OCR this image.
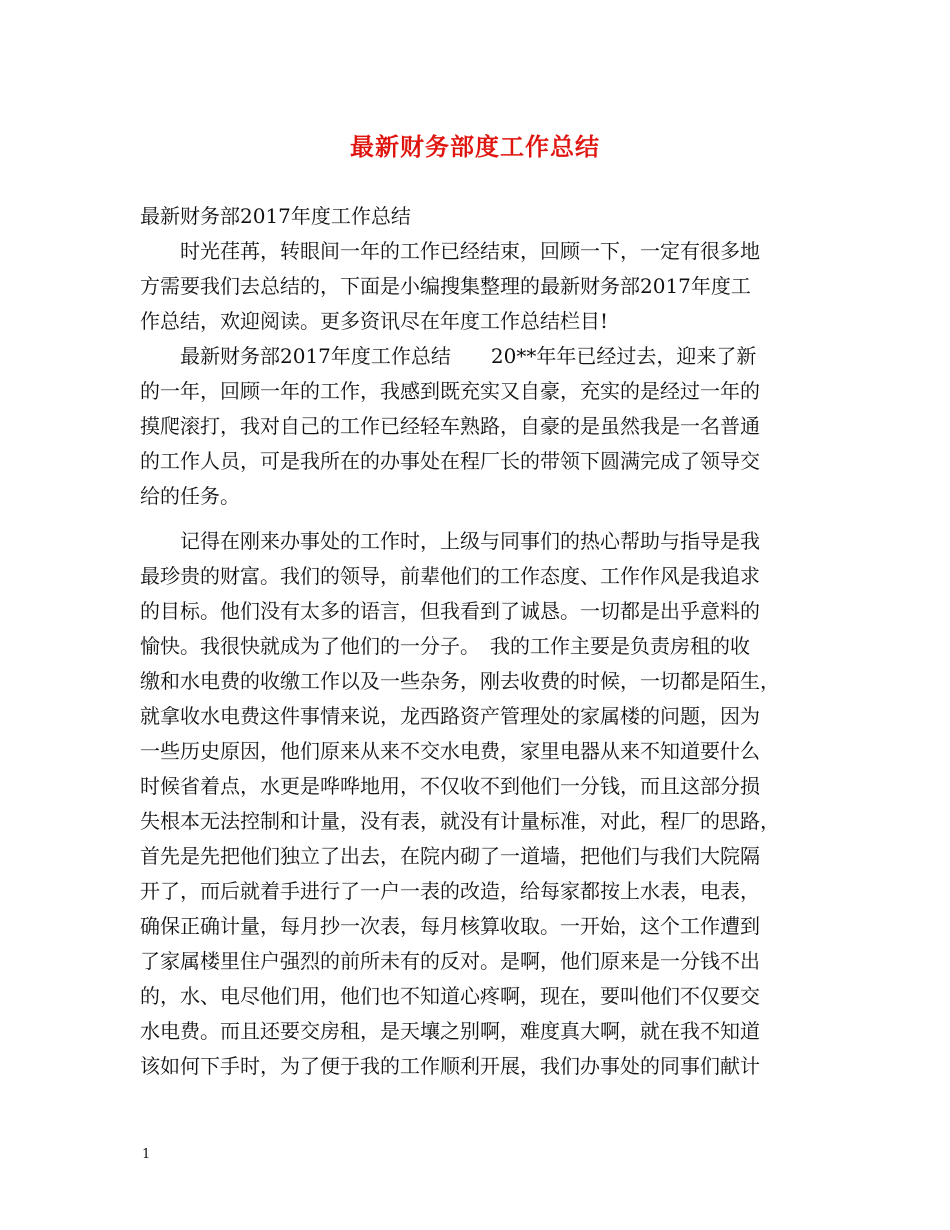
最新财务部度工作总结
最新财务部2017年度工作总结
　　时光荏苒，转眼间一年的工作已经结束，回顾一下，一定有很多地
方需要我们去总结的，下面是小编搜集整理的最新财务部2017年度工
作总结，欢迎阅读。更多资讯尽在年度工作总结栏目!
　　最新财务部2017年度工作总结　　20**年年已经过去，迎来了新
的一年，回顾一年的工作，我感到既充实又自豪，充实的是经过一年的
摸爬滚打，我对自己的工作已经轻车熟路，自豪的是虽然我是一名普通
的工作人员，可是我所在的办事处在程厂长的带领下圆满完成了领导交
给的任务。
　　记得在刚来办事处的工作时，上级与同事们的热心帮助与指导是我
最珍贵的财富。我们的领导，前辈他们的工作态度、工作作风是我追求
的目标。他们没有太多的语言，但我看到了诚恳。一切都是出乎意料的
愉快。我很快就成为了他们的一分子。　我的工作主要是负责房租的收
缴和水电费的收缴工作以及一些杂务，刚去收费的时候，一切都是陌生，
就拿收水电费这件事情来说，龙西路资产管理处的家属楼的问题，因为
一些历史原因，他们原来从来不交水电费，家里电器从来不知道要什么
时候省着点，水更是哗哗地用，不仅收不到他们一分钱，而且这部分损
失根本无法控制和计量，没有表，就没有计量标准，对此，程厂的思路，
首先是先把他们独立了出去，在院内砌了一道墙，把他们与我们大院隔
开了，而后就着手进行了一户一表的改造，给每家都按上水表，电表，
确保正确计量，每月抄一次表，每月核算收取。一开始，这个工作遭到
了家属楼里住户强烈的前所未有的反对。是啊，他们原来是一分钱不出
的，水、电尽他们用，他们也不知道心疼啊，现在，要叫他们不仅要交
水电费。而且还要交房租，是天壤之别啊，难度真大啊，就在我不知道
该如何下手时，为了便于我的工作顺利开展，我们办事处的同事们献计
1
